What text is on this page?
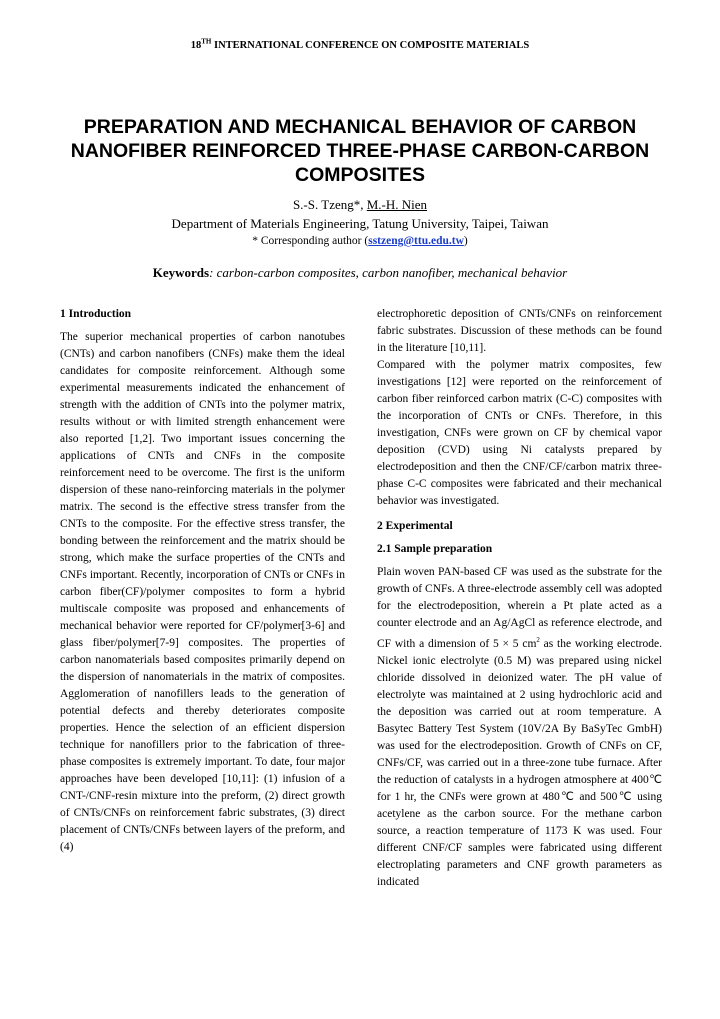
18TH INTERNATIONAL CONFERENCE ON COMPOSITE MATERIALS
PREPARATION AND MECHANICAL BEHAVIOR OF CARBON NANOFIBER REINFORCED THREE-PHASE CARBON-CARBON COMPOSITES
S.-S. Tzeng*, M.-H. Nien
Department of Materials Engineering, Tatung University, Taipei, Taiwan
* Corresponding author (sstzeng@ttu.edu.tw)
Keywords: carbon-carbon composites, carbon nanofiber, mechanical behavior
1 Introduction

The superior mechanical properties of carbon nanotubes (CNTs) and carbon nanofibers (CNFs) make them the ideal candidates for composite reinforcement. Although some experimental measurements indicated the enhancement of strength with the addition of CNTs into the polymer matrix, results without or with limited strength enhancement were also reported [1,2]. Two important issues concerning the applications of CNTs and CNFs in the composite reinforcement need to be overcome. The first is the uniform dispersion of these nano-reinforcing materials in the polymer matrix. The second is the effective stress transfer from the CNTs to the composite. For the effective stress transfer, the bonding between the reinforcement and the matrix should be strong, which make the surface properties of the CNTs and CNFs important. Recently, incorporation of CNTs or CNFs in carbon fiber(CF)/polymer composites to form a hybrid multiscale composite was proposed and enhancements of mechanical behavior were reported for CF/polymer[3-6] and glass fiber/polymer[7-9] composites. The properties of carbon nanomaterials based composites primarily depend on the dispersion of nanomaterials in the matrix of composites. Agglomeration of nanofillers leads to the generation of potential defects and thereby deteriorates composite properties. Hence the selection of an efficient dispersion technique for nanofillers prior to the fabrication of three-phase composites is extremely important. To date, four major approaches have been developed [10,11]: (1) infusion of a CNT-/CNF-resin mixture into the preform, (2) direct growth of CNTs/CNFs on reinforcement fabric substrates, (3) direct placement of CNTs/CNFs between layers of the preform, and (4)

electrophoretic deposition of CNTs/CNFs on reinforcement fabric substrates. Discussion of these methods can be found in the literature [10,11].

Compared with the polymer matrix composites, few investigations [12] were reported on the reinforcement of carbon fiber reinforced carbon matrix (C-C) composites with the incorporation of CNTs or CNFs. Therefore, in this investigation, CNFs were grown on CF by chemical vapor deposition (CVD) using Ni catalysts prepared by electrodeposition and then the CNF/CF/carbon matrix three-phase C-C composites were fabricated and their mechanical behavior was investigated.

2 Experimental
2.1 Sample preparation

Plain woven PAN-based CF was used as the substrate for the growth of CNFs. A three-electrode assembly cell was adopted for the electrodeposition, wherein a Pt plate acted as a counter electrode and an Ag/AgCl as reference electrode, and CF with a dimension of 5 × 5 $cm^2$ as the working electrode. Nickel ionic electrolyte (0.5 M) was prepared using nickel chloride dissolved in deionized water. The pH value of electrolyte was maintained at 2 using hydrochloric acid and the deposition was carried out at room temperature. A Basytec Battery Test System (10V/2A By BaSyTec GmbH) was used for the electrodeposition. Growth of CNFs on CF, CNFs/CF, was carried out in a three-zone tube furnace. After the reduction of catalysts in a hydrogen atmosphere at 400℃ for 1 hr, the CNFs were grown at 480℃ and 500℃ using acetylene as the carbon source. For the methane carbon source, a reaction temperature of 1173 K was used. Four different CNF/CF samples were fabricated using different electroplating parameters and CNF growth parameters as indicated
